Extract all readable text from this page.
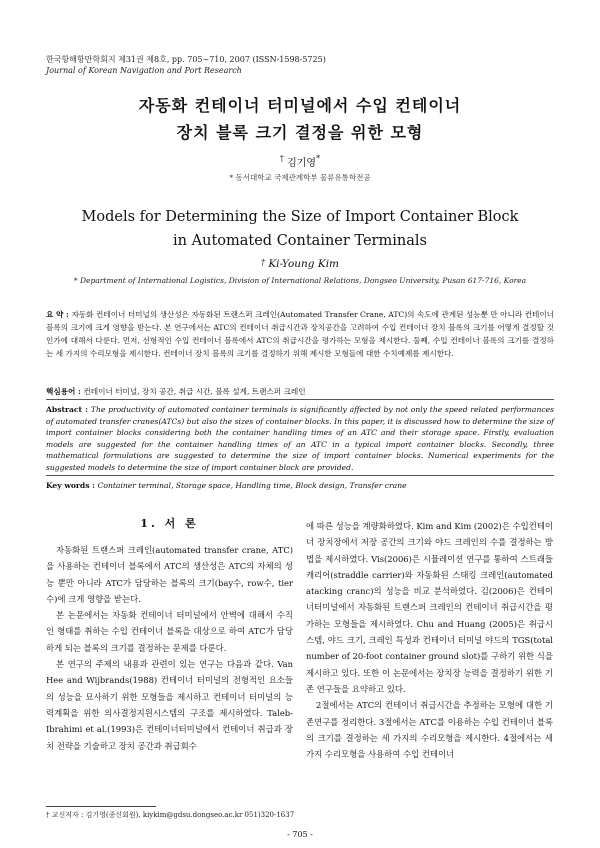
한국항해항만학회지 제31권 제8호, pp. 705~710, 2007 (ISSN-1598-5725)
Journal of Korean Navigation and Port Research
자동화 컨테이너 터미널에서 수입 컨테이너
장치 블록 크기 결정을 위한 모형
† 김기영*
* 동서대학교 국제관계학부 물류유통학전공
Models for Determining the Size of Import Container Block
in Automated Container Terminals
† Ki-Young Kim
* Department of International Logistics, Division of International Relations, Dongseo University, Pusan 617-716, Korea
요 약 : 자동화 컨테이너 터미널의 생산성은 자동화된 트랜스퍼 크레인(Automated Transfer Crane, ATC)의 속도에 관계된 성능뿐 만 아니라 컨테이너 블록의 크기에 크게 영향을 받는다. 본 연구에서는 ATC의 컨테이너 취급시간과 장치공간을 고려하여 수입 컨테이너 장치 블록의 크기를 어떻게 결정할 것인가에 대해서 다룬다. 먼저, 선형적인 수입 컨테이너 블록에서 ATC의 취급시간을 평가하는 모형을 제시한다. 둘째, 수입 컨테이너 블록의 크기를 결정하는 세 가지의 수리모형을 제시한다. 컨테이너 장치 블록의 크기를 결정하기 위해 제시한 모형들에 대한 수치예제를 제시한다.
핵심용어 : 컨테이너 터미널, 장치 공간, 취급 시간, 블록 설계, 트랜스퍼 크레인
Abstract : The productivity of automated container terminals is significantly affected by not only the speed related performances of automated transfer cranes(ATCs) but also the sizes of container blocks. In this paper, it is discussed how to determine the size of import container blocks considering both the container handling times of an ATC and their storage space. Firstly, evaluation models are suggested for the container handling times of an ATC in a typical import container blocks. Secondly, three mathematical formulations are suggested to determine the size of import container blocks. Numerical experiments for the suggested models to determine the size of import container block are provided.
Key words : Container terminal, Storage space, Handling time, Block design, Transfer crane
1. 서 론

자동화된 트랜스퍼 크레인(automated transfer crane, ATC)을 사용하는 컨테이너 블록에서 ATC의 생산성은 ATC의 자체의 성능 뿐만 아니라 ATC가 담당하는 블록의 크기(bay수, row수, tier수)에 크게 영향을 받는다.

본 논문에서는 자동화 컨테이너 터미널에서 안벽에 대해서 수직인 형태를 취하는 수입 컨테이너 블록을 대상으로 하여 ATC가 담당하게 되는 블록의 크기를 결정하는 문제를 다룬다.

본 연구의 주제의 내용과 관련이 있는 연구는 다음과 같다. Van Hee and Wijbrands(1988) 컨테이너 터미널의 전형적인 요소들의 성능을 묘사하기 위한 모형들을 제시하고 컨테이너 터미널의 능력계획을 위한 의사결정지원시스템의 구조를 제시하였다. Taleb-Ibrahimi et al.(1993)은 컨테이너터미널에서 컨테이너 취급과 장치 전략을 기술하고 장치 공간과 취급회수

에 따른 성능을 계량화하였다. Kim and Kim (2002)은 수입컨테이너 장치장에서 저장 공간의 크기와 야드 크레인의 수를 결정하는 방법을 제시하였다. Vis(2006)은 시뮬레이션 연구를 통하여 스트래들 캐리어(straddle carrier)와 자동화된 스태킹 크레인(automated atacking cranc)의 성능을 비교 분석하였다. 김(2006)은 컨테이너터미널에서 자동화된 트랜스퍼 크레인의 컨테이너 취급시간을 평가하는 모형들을 제시하였다. Chu and Huang (2005)은 취급시스템, 야드 크기, 크레인 특성과 컨테이너 터미널 야드의 TGS(total number of 20-foot container ground slot)를 구하기 위한 식을 제시하고 있다. 또한 이 논문에서는 장치장 능력을 결정하기 위한 기존 연구들을 요약하고 있다.

2절에서는 ATC의 컨테이너 취급시간을 추정하는 모형에 대한 기존연구를 정리한다. 3절에서는 ATC를 이용하는 수입 컨테이너 블록의 크기를 결정하는 세 가지의 수리모형을 제시한다. 4절에서는 세 가지 수리모형을 사용하여 수입 컨테이너

† 교신저자 : 김기영(종신회원), kiykim@gdsu.dongseo.ac.kr 051)320-1637
- 705 -
